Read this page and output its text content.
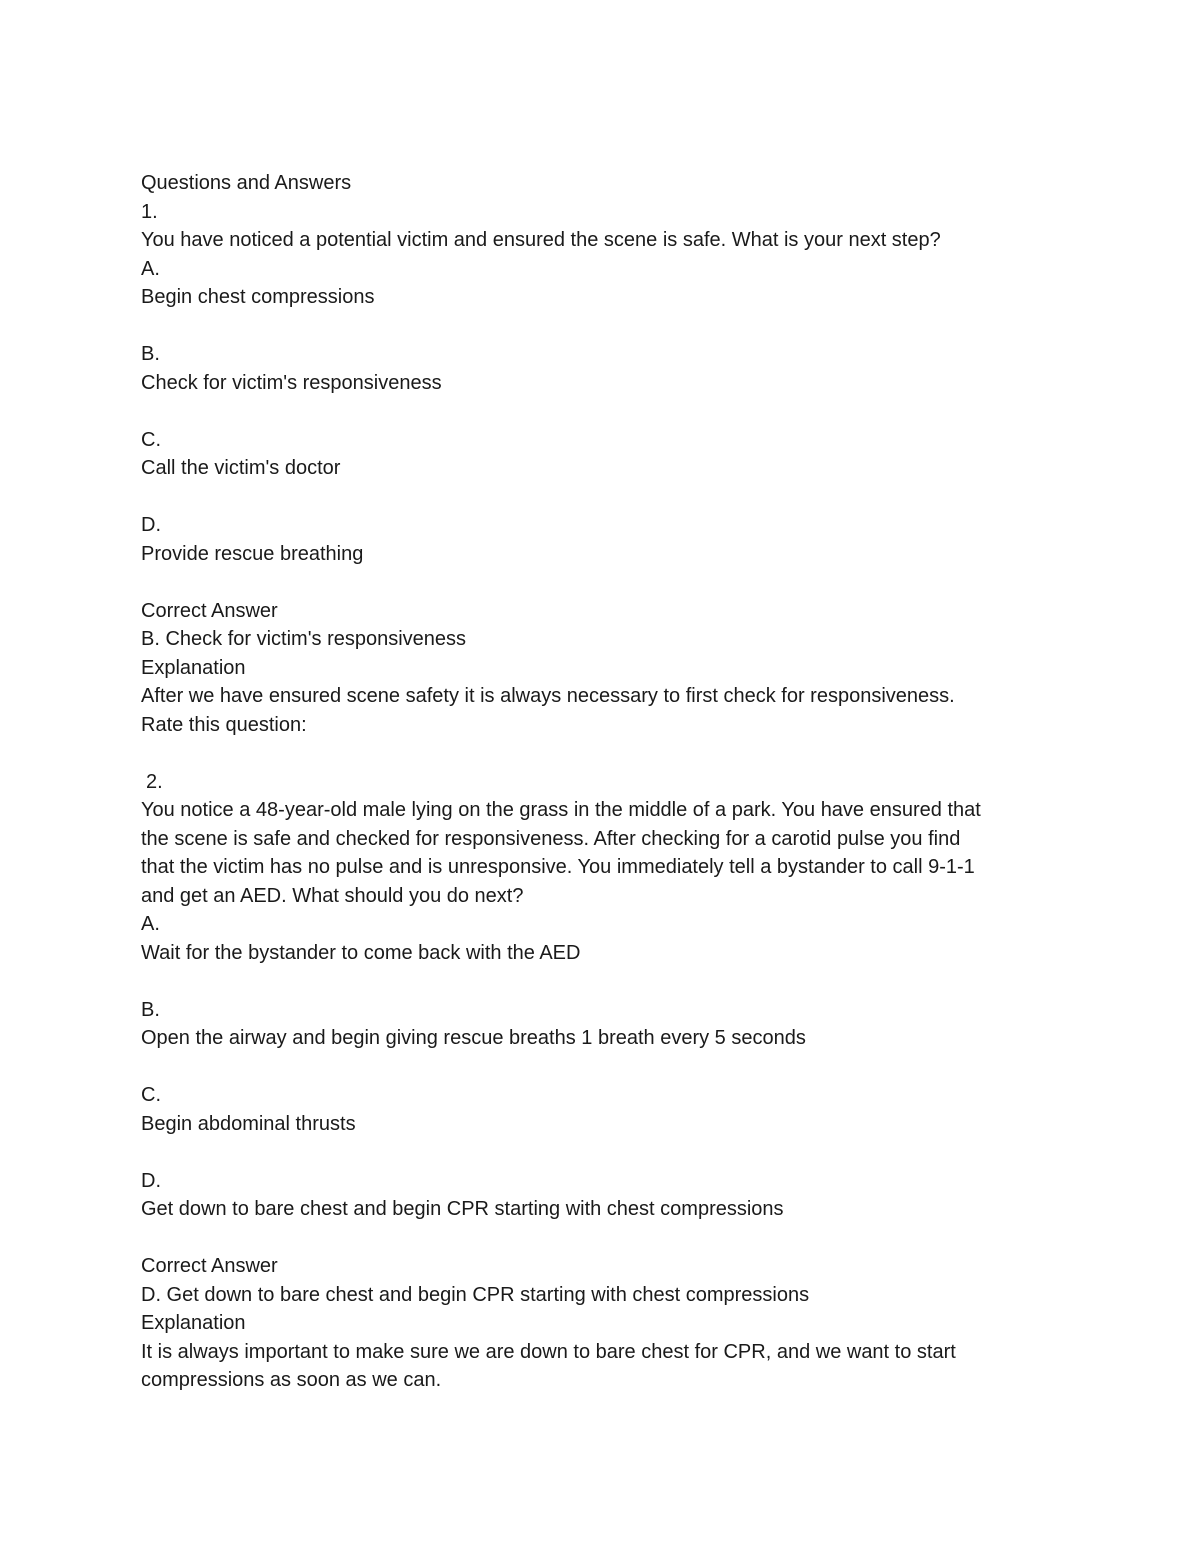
Questions and Answers
1.
You have noticed a potential victim and ensured the scene is safe. What is your next step?
A.
Begin chest compressions
B.
Check for victim's responsiveness
C.
Call the victim's doctor
D.
Provide rescue breathing
Correct Answer
B. Check for victim's responsiveness
Explanation
After we have ensured scene safety it is always necessary to first check for responsiveness.
Rate this question:
2.
You notice a 48-year-old male lying on the grass in the middle of a park. You have ensured that
the scene is safe and checked for responsiveness. After checking for a carotid pulse you find
that the victim has no pulse and is unresponsive. You immediately tell a bystander to call 9-1-1
and get an AED. What should you do next?
A.
Wait for the bystander to come back with the AED
B.
Open the airway and begin giving rescue breaths 1 breath every 5 seconds
C.
Begin abdominal thrusts
D.
Get down to bare chest and begin CPR starting with chest compressions
Correct Answer
D. Get down to bare chest and begin CPR starting with chest compressions
Explanation
It is always important to make sure we are down to bare chest for CPR, and we want to start
compressions as soon as we can.
